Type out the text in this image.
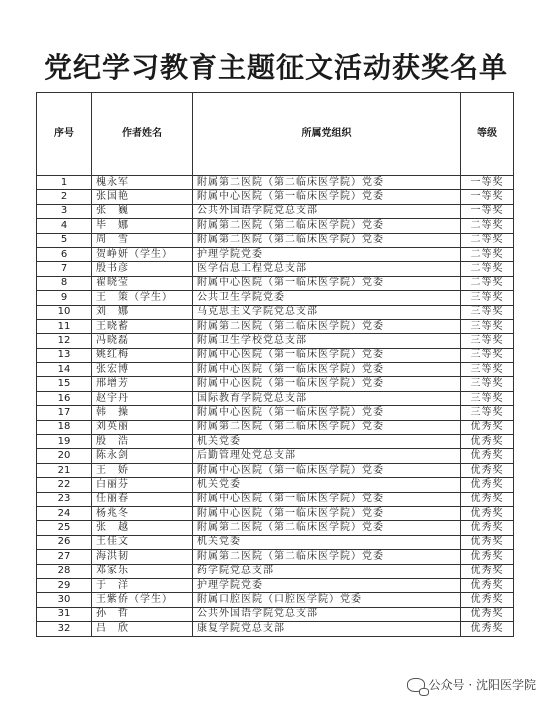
党纪学习教育主题征文活动获奖名单
序号	作者姓名	所属党组织	等级
1	槐永军	附属第二医院（第二临床医学院）党委	一等奖
2	张国艳	附属中心医院（第一临床医学院）党委	一等奖
3	张　巍	公共外国语学院党总支部	一等奖
4	毕　娜	附属第二医院（第二临床医学院）党委	二等奖
5	周　雪	附属第二医院（第二临床医学院）党委	二等奖
6	贺峥妍（学生）	护理学院党委	二等奖
7	殷书彦	医学信息工程党总支部	二等奖
8	翟晓莹	附属中心医院（第一临床医学院）党委	二等奖
9	王　策（学生）	公共卫生学院党委	三等奖
10	刘　娜	马克思主义学院党总支部	三等奖
11	王晓蓄	附属第二医院（第二临床医学院）党委	三等奖
12	冯晓磊	附属卫生学校党总支部	三等奖
13	姚红梅	附属中心医院（第一临床医学院）党委	三等奖
14	张宏博	附属中心医院（第一临床医学院）党委	三等奖
15	邢增芳	附属中心医院（第一临床医学院）党委	三等奖
16	赵宇丹	国际教育学院党总支部	三等奖
17	韩　操	附属中心医院（第一临床医学院）党委	三等奖
18	刘英丽	附属第二医院（第二临床医学院）党委	优秀奖
19	殷　浩	机关党委	优秀奖
20	陈永剑	后勤管理处党总支部	优秀奖
21	王　娇	附属中心医院（第一临床医学院）党委	优秀奖
22	白丽芬	机关党委	优秀奖
23	任丽春	附属中心医院（第一临床医学院）党委	优秀奖
24	杨兆冬	附属中心医院（第一临床医学院）党委	优秀奖
25	张　越	附属第二医院（第二临床医学院）党委	优秀奖
26	王佳文	机关党委	优秀奖
27	海洪韧	附属第二医院（第二临床医学院）党委	优秀奖
28	邓家乐	药学院党总支部	优秀奖
29	于　洋	护理学院党委	优秀奖
30	王紫侨（学生）	附属口腔医院（口腔医学院）党委	优秀奖
31	孙　哲	公共外国语学院党总支部	优秀奖
32	吕　欣	康复学院党总支部	优秀奖
公众号 · 沈阳医学院
